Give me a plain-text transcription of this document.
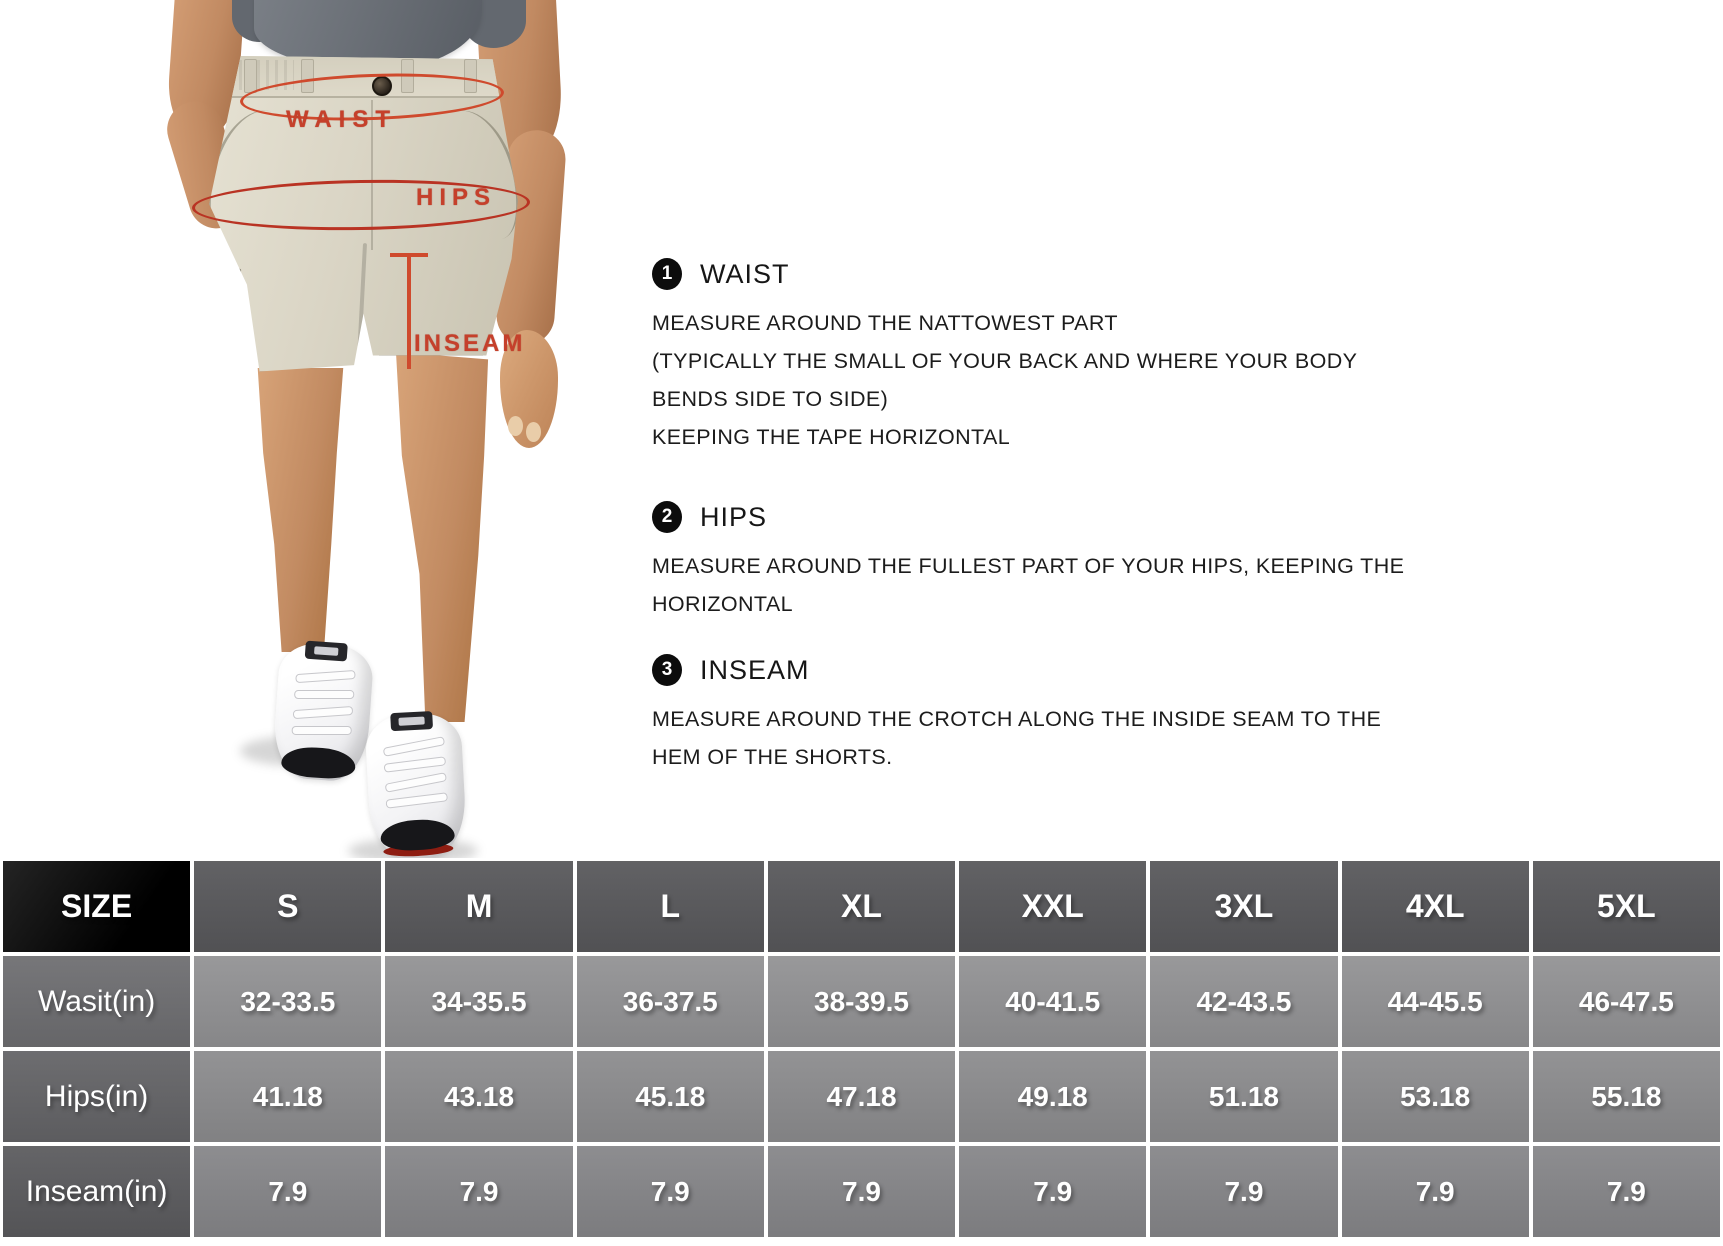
WAIST
HIPS
INSEAM
1	WAIST
MEASURE AROUND THE NATTOWEST PART
(TYPICALLY THE SMALL OF YOUR BACK AND WHERE YOUR BODY
BENDS SIDE TO SIDE)
KEEPING THE TAPE HORIZONTAL
2	HIPS
MEASURE AROUND THE FULLEST PART OF YOUR HIPS, KEEPING THE
HORIZONTAL
3	INSEAM
MEASURE AROUND THE CROTCH ALONG THE INSIDE SEAM TO THE
HEM OF THE SHORTS.
SIZE	S	M	L	XL	XXL	3XL	4XL	5XL
Wasit(in)	32-33.5	34-35.5	36-37.5	38-39.5	40-41.5	42-43.5	44-45.5	46-47.5
Hips(in)	41.18	43.18	45.18	47.18	49.18	51.18	53.18	55.18
Inseam(in)	7.9	7.9	7.9	7.9	7.9	7.9	7.9	7.9
